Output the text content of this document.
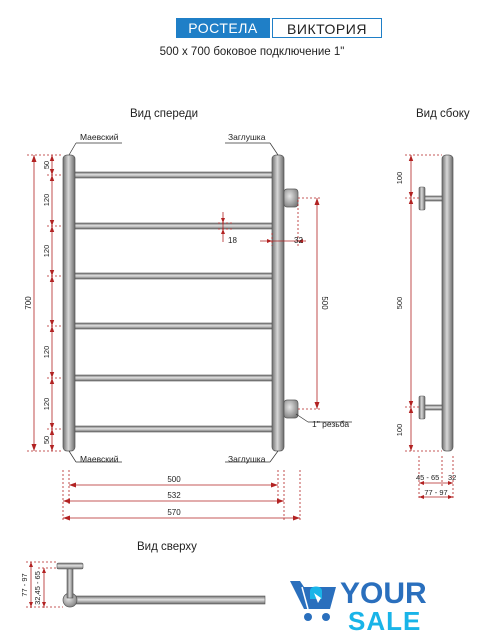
РОСТЕЛА	ВИКТОРИЯ
500 х 700 боковое подключение 1"
Вид спереди	Вид сбоку
Вид сверху
Маевский	Заглушка
Маевский	Заглушка
1" резьба
700
50
120
120
120
120
50
18	32
500
500
532
570
100
500
100
45 - 65 32
77 - 97
77 - 97 32,45 - 65	YOUR
SALE
